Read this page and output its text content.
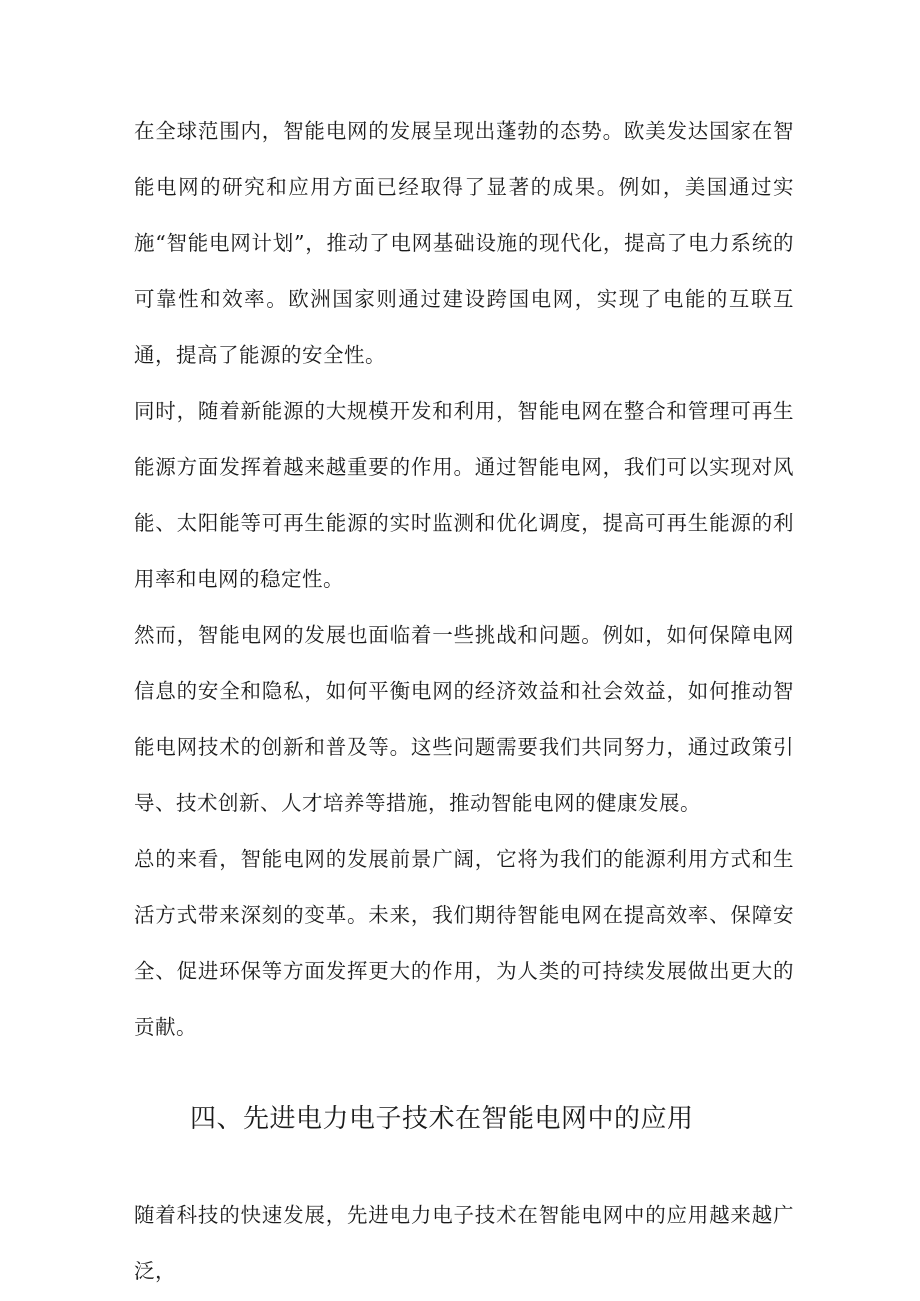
在全球范围内，智能电网的发展呈现出蓬勃的态势。欧美发达国家在智能电网的研究和应用方面已经取得了显著的成果。例如，美国通过实施“智能电网计划”，推动了电网基础设施的现代化，提高了电力系统的可靠性和效率。欧洲国家则通过建设跨国电网，实现了电能的互联互通，提高了能源的安全性。

同时，随着新能源的大规模开发和利用，智能电网在整合和管理可再生能源方面发挥着越来越重要的作用。通过智能电网，我们可以实现对风能、太阳能等可再生能源的实时监测和优化调度，提高可再生能源的利用率和电网的稳定性。

然而，智能电网的发展也面临着一些挑战和问题。例如，如何保障电网信息的安全和隐私，如何平衡电网的经济效益和社会效益，如何推动智能电网技术的创新和普及等。这些问题需要我们共同努力，通过政策引导、技术创新、人才培养等措施，推动智能电网的健康发展。

总的来看，智能电网的发展前景广阔，它将为我们的能源利用方式和生活方式带来深刻的变革。未来，我们期待智能电网在提高效率、保障安全、促进环保等方面发挥更大的作用，为人类的可持续发展做出更大的贡献。

四、先进电力电子技术在智能电网中的应用

随着科技的快速发展，先进电力电子技术在智能电网中的应用越来越广泛，
